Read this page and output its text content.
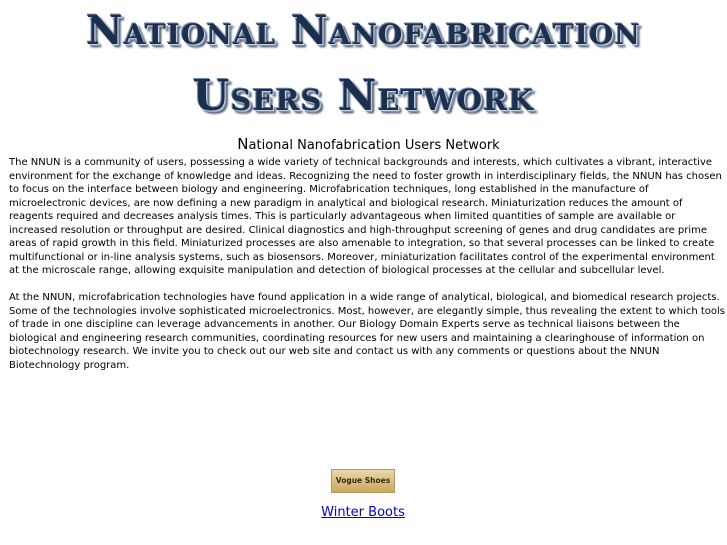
National Nanofabrication
Users Network
National Nanofabrication Users Network

The NNUN is a community of users, possessing a wide variety of technical backgrounds and interests, which cultivates a vibrant, interactive environment for the exchange of knowledge and ideas. Recognizing the need to foster growth in interdisciplinary fields, the NNUN has chosen to focus on the interface between biology and engineering. Microfabrication techniques, long established in the manufacture of microelectronic devices, are now defining a new paradigm in analytical and biological research. Miniaturization reduces the amount of reagents required and decreases analysis times. This is particularly advantageous when limited quantities of sample are available or increased resolution or throughput are desired. Clinical diagnostics and high-throughput screening of genes and drug candidates are prime areas of rapid growth in this field. Miniaturized processes are also amenable to integration, so that several processes can be linked to create multifunctional or in-line analysis systems, such as biosensors. Moreover, miniaturization facilitates control of the experimental environment at the microscale range, allowing exquisite manipulation and detection of biological processes at the cellular and subcellular level.

At the NNUN, microfabrication technologies have found application in a wide range of analytical, biological, and biomedical research projects. Some of the technologies involve sophisticated microelectronics. Most, however, are elegantly simple, thus revealing the extent to which tools of trade in one discipline can leverage advancements in another. Our Biology Domain Experts serve as technical liaisons between the biological and engineering research communities, coordinating resources for new users and maintaining a clearinghouse of information on biotechnology research. We invite you to check out our web site and contact us with any comments or questions about the NNUN Biotechnology program.

Vogue Shoes
Winter Boots
